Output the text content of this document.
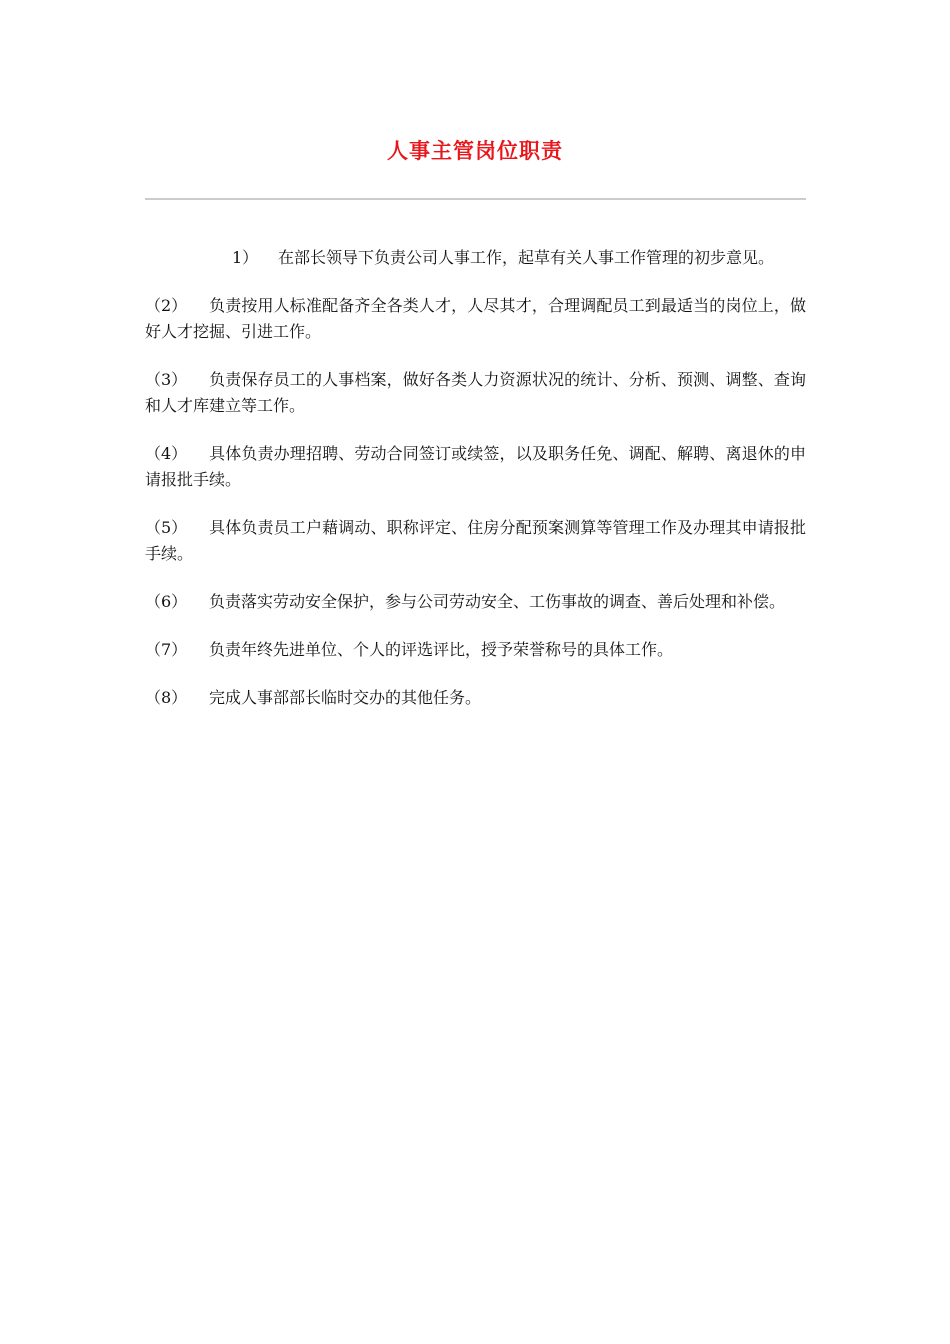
人事主管岗位职责

1） 在部长领导下负责公司人事工作，起草有关人事工作管理的初步意见。

（2） 负责按用人标准配备齐全各类人才，人尽其才，合理调配员工到最适当的岗位上，做好人才挖掘、引进工作。

（3） 负责保存员工的人事档案，做好各类人力资源状况的统计、分析、预测、调整、查询和人才库建立等工作。

（4） 具体负责办理招聘、劳动合同签订或续签，以及职务任免、调配、解聘、离退休的申请报批手续。

（5） 具体负责员工户藉调动、职称评定、住房分配预案测算等管理工作及办理其申请报批手续。

（6） 负责落实劳动安全保护，参与公司劳动安全、工伤事故的调查、善后处理和补偿。

（7） 负责年终先进单位、个人的评选评比，授予荣誉称号的具体工作。

（8） 完成人事部部长临时交办的其他任务。
